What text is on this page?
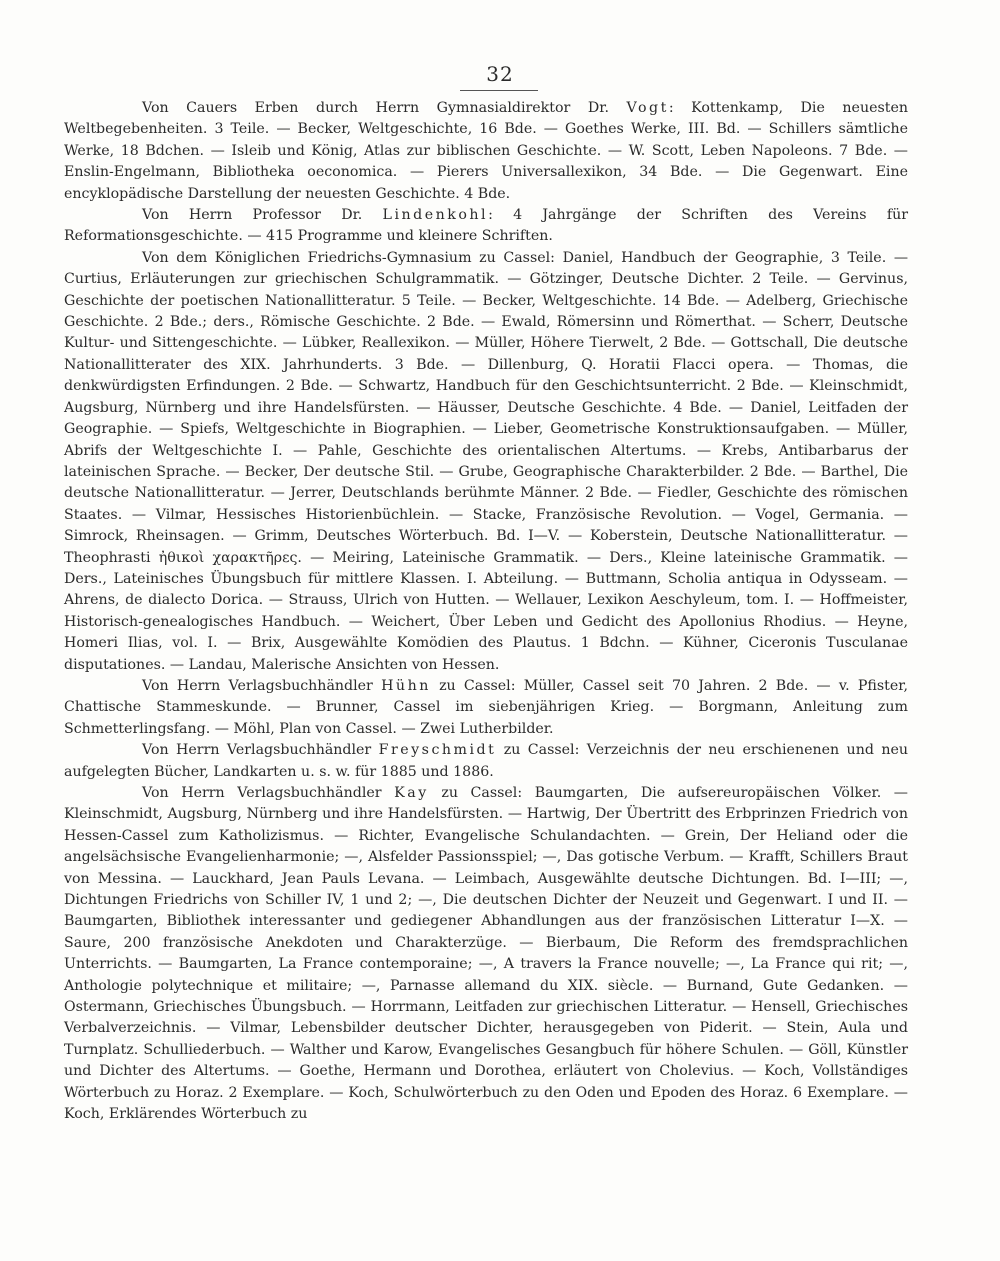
32

Von Cauers Erben durch Herrn Gymnasialdirektor Dr. Vogt: Kottenkamp, Die neuesten Weltbegebenheiten. 3 Teile. — Becker, Weltgeschichte, 16 Bde. — Goethes Werke, III. Bd. — Schillers sämtliche Werke, 18 Bdchen. — Isleib und König, Atlas zur biblischen Geschichte. — W. Scott, Leben Napoleons. 7 Bde. — Enslin-Engelmann, Bibliotheka oeconomica. — Pierers Universallexikon, 34 Bde. — Die Gegenwart. Eine encyklopädische Darstellung der neuesten Geschichte. 4 Bde.

Von Herrn Professor Dr. Lindenkohl: 4 Jahrgänge der Schriften des Vereins für Reformationsgeschichte. — 415 Programme und kleinere Schriften.

Von dem Königlichen Friedrichs-Gymnasium zu Cassel: Daniel, Handbuch der Geographie, 3 Teile. — Curtius, Erläuterungen zur griechischen Schulgrammatik. — Götzinger, Deutsche Dichter. 2 Teile. — Gervinus, Geschichte der poetischen Nationallitteratur. 5 Teile. — Becker, Weltgeschichte. 14 Bde. — Adelberg, Griechische Geschichte. 2 Bde.; ders., Römische Geschichte. 2 Bde. — Ewald, Römersinn und Römerthat. — Scherr, Deutsche Kultur- und Sittengeschichte. — Lübker, Reallexikon. — Müller, Höhere Tierwelt, 2 Bde. — Gottschall, Die deutsche Nationallitterater des XIX. Jahrhunderts. 3 Bde. — Dillenburg, Q. Horatii Flacci opera. — Thomas, die denkwürdigsten Erfindungen. 2 Bde. — Schwartz, Handbuch für den Geschichtsunterricht. 2 Bde. — Kleinschmidt, Augsburg, Nürnberg und ihre Handelsfürsten. — Häusser, Deutsche Geschichte. 4 Bde. — Daniel, Leitfaden der Geographie. — Spiefs, Weltgeschichte in Biographien. — Lieber, Geometrische Konstruktionsaufgaben. — Müller, Abrifs der Weltgeschichte I. — Pahle, Geschichte des orientalischen Altertums. — Krebs, Antibarbarus der lateinischen Sprache. — Becker, Der deutsche Stil. — Grube, Geographische Charakterbilder. 2 Bde. — Barthel, Die deutsche Nationallitteratur. — Jerrer, Deutschlands berühmte Männer. 2 Bde. — Fiedler, Geschichte des römischen Staates. — Vilmar, Hessisches Historienbüchlein. — Stacke, Französische Revolution. — Vogel, Germania. — Simrock, Rheinsagen. — Grimm, Deutsches Wörterbuch. Bd. I—V. — Koberstein, Deutsche Nationallitteratur. — Theophrasti ἠθικοὶ χαρακτῆρες. — Meiring, Lateinische Grammatik. — Ders., Kleine lateinische Grammatik. — Ders., Lateinisches Übungsbuch für mittlere Klassen. I. Abteilung. — Buttmann, Scholia antiqua in Odysseam. — Ahrens, de dialecto Dorica. — Strauss, Ulrich von Hutten. — Wellauer, Lexikon Aeschyleum, tom. I. — Hoffmeister, Historisch-genealogisches Handbuch. — Weichert, Über Leben und Gedicht des Apollonius Rhodius. — Heyne, Homeri Ilias, vol. I. — Brix, Ausgewählte Komödien des Plautus. 1 Bdchn. — Kühner, Ciceronis Tusculanae disputationes. — Landau, Malerische Ansichten von Hessen.

Von Herrn Verlagsbuchhändler Hühn zu Cassel: Müller, Cassel seit 70 Jahren. 2 Bde. — v. Pfister, Chattische Stammeskunde. — Brunner, Cassel im siebenjährigen Krieg. — Borgmann, Anleitung zum Schmetterlingsfang. — Möhl, Plan von Cassel. — Zwei Lutherbilder.

Von Herrn Verlagsbuchhändler Freyschmidt zu Cassel: Verzeichnis der neu erschienenen und neu aufgelegten Bücher, Landkarten u. s. w. für 1885 und 1886.

Von Herrn Verlagsbuchhändler Kay zu Cassel: Baumgarten, Die aufsereuropäischen Völker. — Kleinschmidt, Augsburg, Nürnberg und ihre Handelsfürsten. — Hartwig, Der Übertritt des Erbprinzen Friedrich von Hessen-Cassel zum Katholizismus. — Richter, Evangelische Schulandachten. — Grein, Der Heliand oder die angelsächsische Evangelienharmonie; —, Alsfelder Passionsspiel; —, Das gotische Verbum. — Krafft, Schillers Braut von Messina. — Lauckhard, Jean Pauls Levana. — Leimbach, Ausgewählte deutsche Dichtungen. Bd. I—III; —, Dichtungen Friedrichs von Schiller IV, 1 und 2; —, Die deutschen Dichter der Neuzeit und Gegenwart. I und II. — Baumgarten, Bibliothek interessanter und gediegener Abhandlungen aus der französischen Litteratur I—X. — Saure, 200 französische Anekdoten und Charakterzüge. — Bierbaum, Die Reform des fremdsprachlichen Unterrichts. — Baumgarten, La France contemporaine; —, A travers la France nouvelle; —, La France qui rit; —, Anthologie polytechnique et militaire; —, Parnasse allemand du XIX. siècle. — Burnand, Gute Gedanken. — Ostermann, Griechisches Übungsbuch. — Horrmann, Leitfaden zur griechischen Litteratur. — Hensell, Griechisches Verbalverzeichnis. — Vilmar, Lebensbilder deutscher Dichter, herausgegeben von Piderit. — Stein, Aula und Turnplatz. Schulliederbuch. — Walther und Karow, Evangelisches Gesangbuch für höhere Schulen. — Göll, Künstler und Dichter des Altertums. — Goethe, Hermann und Dorothea, erläutert von Cholevius. — Koch, Vollständiges Wörterbuch zu Horaz. 2 Exemplare. — Koch, Schulwörterbuch zu den Oden und Epoden des Horaz. 6 Exemplare. — Koch, Erklärendes Wörterbuch zu
